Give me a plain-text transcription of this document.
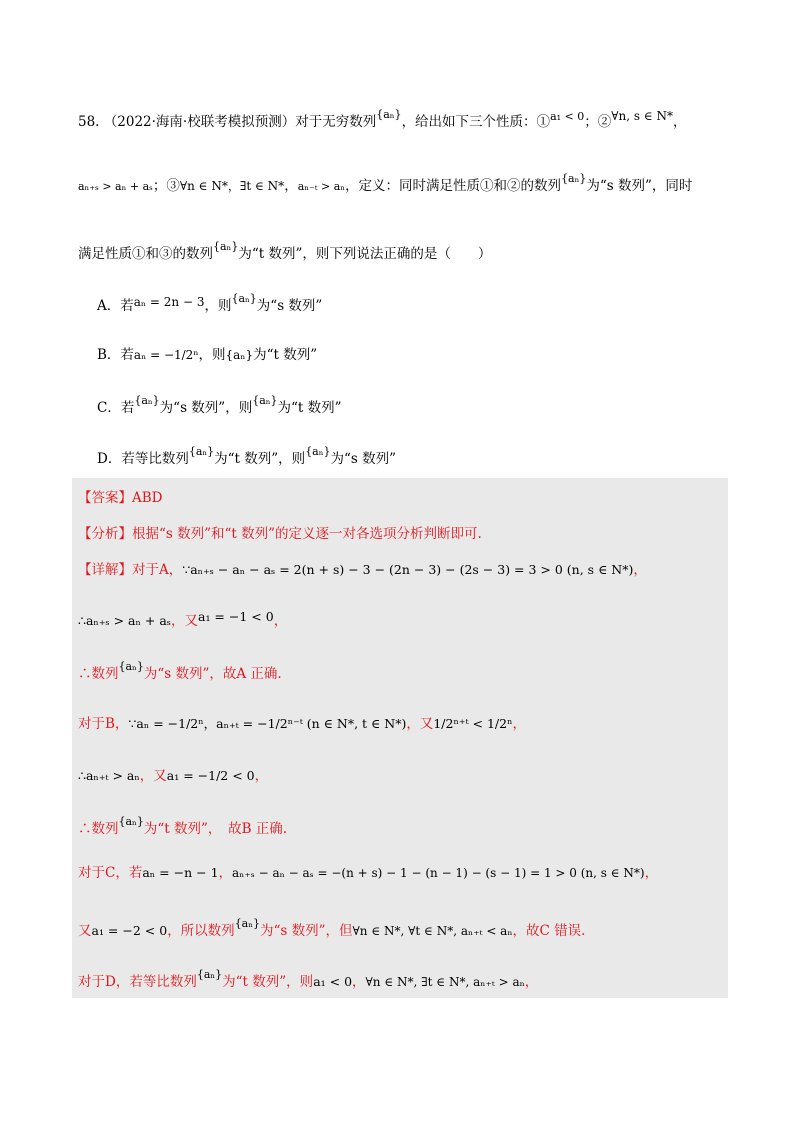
58. （2022·海南·校联考模拟预测）对于无穷数列$^{\{a_n\}}$，给出如下三个性质：①$^{a_1 < 0}$；②∀n, s ∈ N*，
aₙ₊ₛ > aₙ + aₛ；③∀n ∈ N*，∃t ∈ N*，aₙ₋ₜ > aₙ，定义：同时满足性质①和②的数列$^{\{a_n\}}$为“s 数列”，同时
满足性质①和③的数列$^{\{a_n\}}$为“t 数列”，则下列说法正确的是（　　）
A．若aₙ = 2n − 3，则$^{\{a_n\}}$为“s 数列”
B．若aₙ = −1/2ⁿ，则{aₙ}为“t 数列”
C．若$^{\{a_n\}}$为“s 数列”，则$^{\{a_n\}}$为“t 数列”
D．若等比数列$^{\{a_n\}}$为“t 数列”，则$^{\{a_n\}}$为“s 数列”
【答案】ABD
【分析】根据“s 数列”和“t 数列”的定义逐一对各选项分析判断即可.
【详解】对于A，∵aₙ₊ₛ − aₙ − aₛ = 2(n + s) − 3 − (2n − 3) − (2s − 3) = 3 > 0 (n, s ∈ N*)，
∴aₙ₊ₛ > aₙ + aₛ，又a₁ = −1 < 0，
∴数列$^{\{a_n\}}$为“s 数列”，故A 正确.
对于B，∵aₙ = −1/2ⁿ，aₙ₊ₜ = −1/2ⁿ⁻ᵗ (n ∈ N*, t ∈ N*)，又1/2ⁿ⁺ᵗ < 1/2ⁿ，
∴aₙ₊ₜ > aₙ，又a₁ = −1/2 < 0，
∴数列$^{\{a_n\}}$为“t 数列”，　故B 正确.
对于C，若aₙ = −n − 1，aₙ₊ₛ − aₙ − aₛ = −(n + s) − 1 − (n − 1) − (s − 1) = 1 > 0 (n, s ∈ N*)，
又a₁ = −2 < 0，所以数列$^{\{a_n\}}$为“s 数列”，但∀n ∈ N*, ∀t ∈ N*, aₙ₊ₜ < aₙ，故C 错误.
对于D，若等比数列$^{\{a_n\}}$为“t 数列”，则a₁ < 0，∀n ∈ N*, ∃t ∈ N*, aₙ₊ₜ > aₙ，
